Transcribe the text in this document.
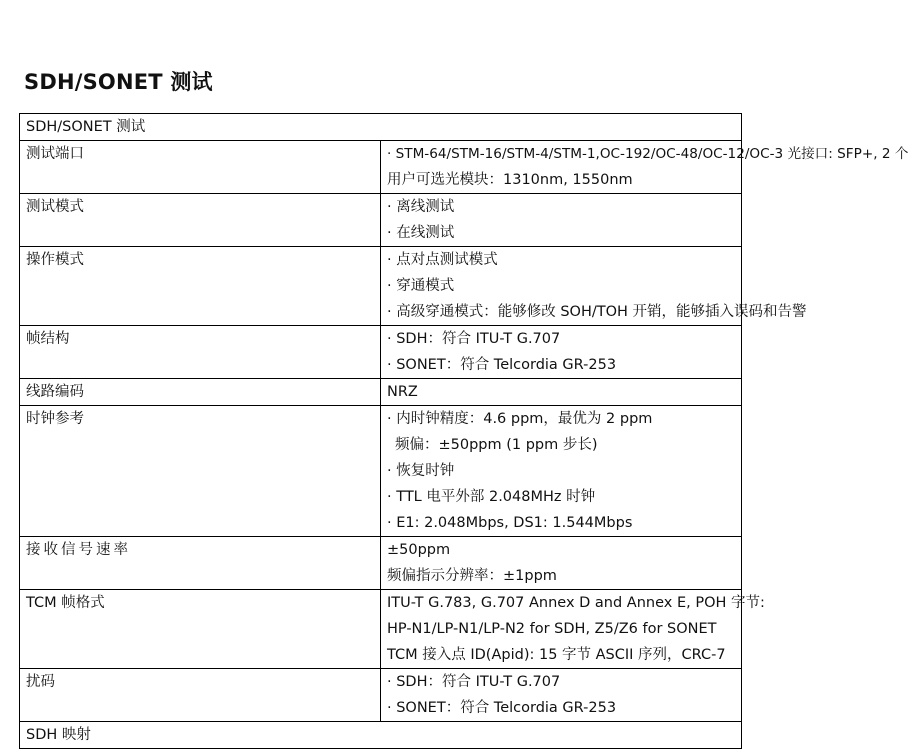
SDH/SONET 测试
SDH/SONET 测试	
测试端口	· STM-64/STM-16/STM-4/STM-1,OC-192/OC-48/OC-12/OC-3 光接口: SFP+, 2 个
用户可选光模块：1310nm, 1550nm

测试模式	· 离线测试
· 在线测试

操作模式	· 点对点测试模式
· 穿通模式
· 高级穿通模式：能够修改 SOH/TOH 开销，能够插入误码和告警

帧结构	· SDH：符合 ITU-T G.707
· SONET：符合 Telcordia GR-253

线路编码	NRZ

时钟参考	· 内时钟精度：4.6 ppm，最优为 2 ppm
频偏：±50ppm (1 ppm 步长)
· 恢复时钟
· TTL 电平外部 2.048MHz 时钟
· E1: 2.048Mbps, DS1: 1.544Mbps

接收信号速率	±50ppm
频偏指示分辨率：±1ppm

TCM 帧格式	ITU-T G.783, G.707 Annex D and Annex E, POH 字节:
HP-N1/LP-N1/LP-N2 for SDH, Z5/Z6 for SONET
TCM 接入点 ID(Apid): 15 字节 ASCII 序列，CRC-7

扰码	· SDH：符合 ITU-T G.707
· SONET：符合 Telcordia GR-253

SDH 映射	
